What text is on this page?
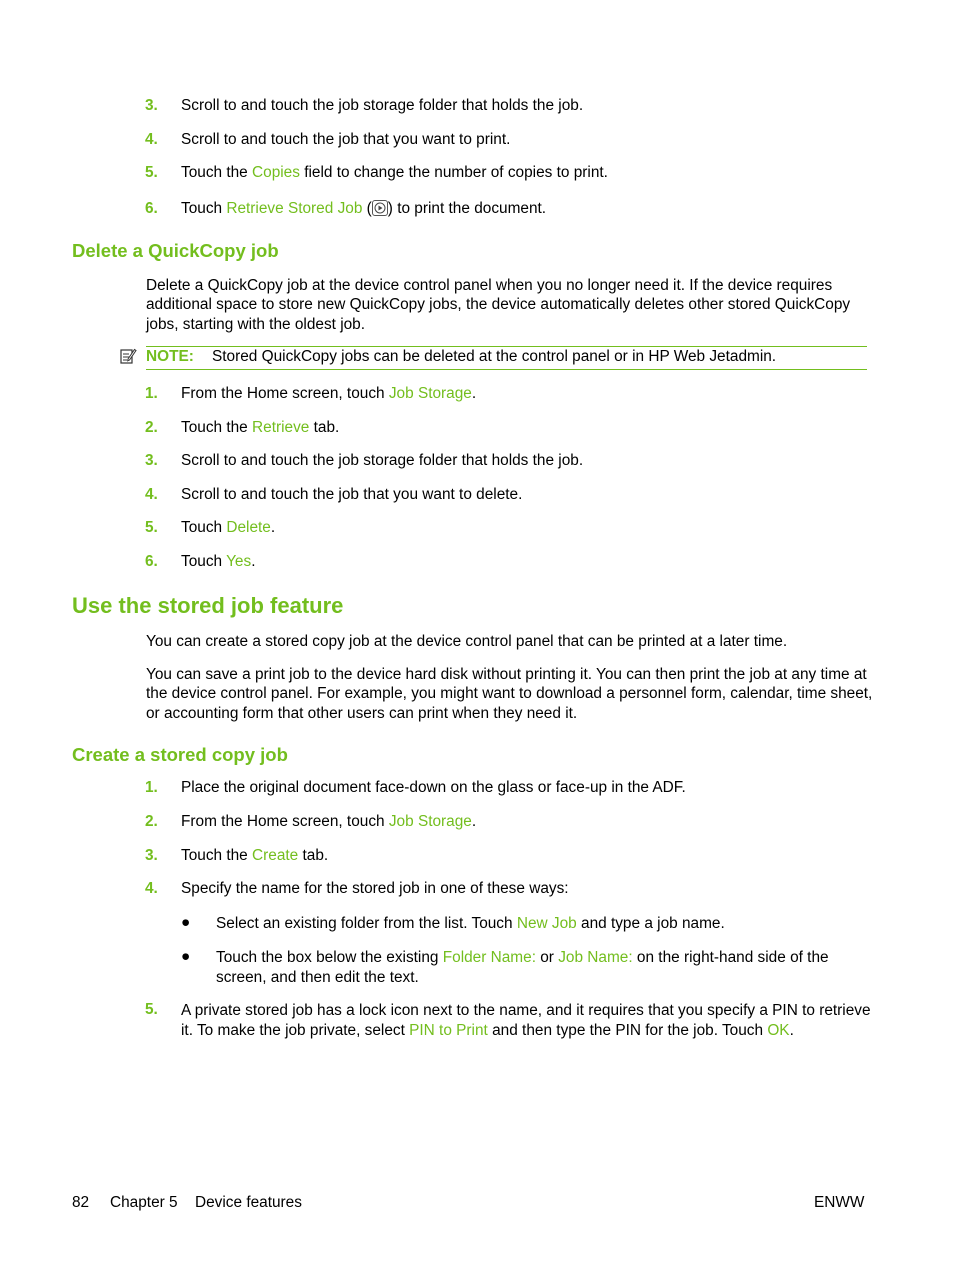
3. Scroll to and touch the job storage folder that holds the job.
4. Scroll to and touch the job that you want to print.
5. Touch the Copies field to change the number of copies to print.
6. Touch Retrieve Stored Job ( ) to print the document.
Delete a QuickCopy job
Delete a QuickCopy job at the device control panel when you no longer need it. If the device requires additional space to store new QuickCopy jobs, the device automatically deletes other stored QuickCopy jobs, starting with the oldest job.
NOTE: Stored QuickCopy jobs can be deleted at the control panel or in HP Web Jetadmin.
1. From the Home screen, touch Job Storage.
2. Touch the Retrieve tab.
3. Scroll to and touch the job storage folder that holds the job.
4. Scroll to and touch the job that you want to delete.
5. Touch Delete.
6. Touch Yes.
Use the stored job feature
You can create a stored copy job at the device control panel that can be printed at a later time.
You can save a print job to the device hard disk without printing it. You can then print the job at any time at the device control panel. For example, you might want to download a personnel form, calendar, time sheet, or accounting form that other users can print when they need it.
Create a stored copy job
1. Place the original document face-down on the glass or face-up in the ADF.
2. From the Home screen, touch Job Storage.
3. Touch the Create tab.
4. Specify the name for the stored job in one of these ways:
● Select an existing folder from the list. Touch New Job and type a job name.
● Touch the box below the existing Folder Name: or Job Name: on the right-hand side of the screen, and then edit the text.
5. A private stored job has a lock icon next to the name, and it requires that you specify a PIN to retrieve it. To make the job private, select PIN to Print and then type the PIN for the job. Touch OK.
82 Chapter 5 Device features	ENWW
